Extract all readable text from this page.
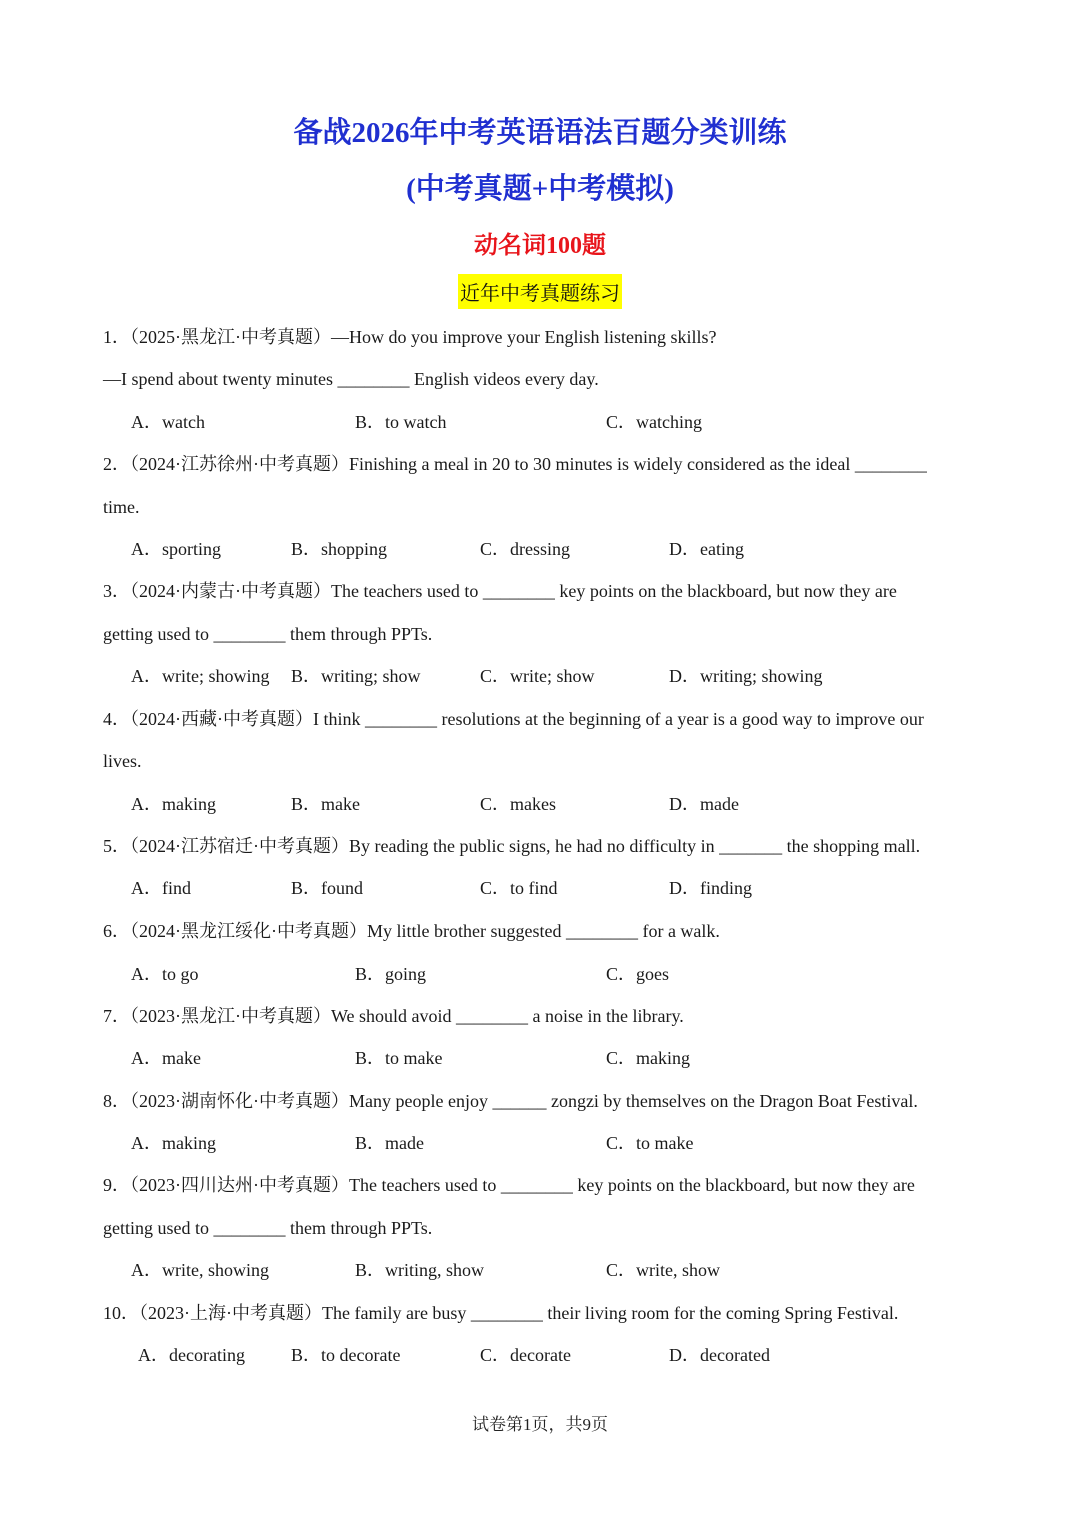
备战2026年中考英语语法百题分类训练
(中考真题+中考模拟)
动名词100题
近年中考真题练习
1．（2025·黑龙江·中考真题）—How do you improve your English listening skills?
—I spend about twenty minutes ________ English videos every day.
A．watch	B．to watch	C．watching
2．（2024·江苏徐州·中考真题）Finishing a meal in 20 to 30 minutes is widely considered as the ideal ________
time.
A．sporting	B．shopping	C．dressing	D．eating
3．（2024·内蒙古·中考真题）The teachers used to ________ key points on the blackboard, but now they are
getting used to ________ them through PPTs.
A．write; showing B．writing; show	C．write; show	D．writing; showing
4．（2024·西藏·中考真题）I think ________ resolutions at the beginning of a year is a good way to improve our
lives.
A．making	B．make	C．makes	D．made
5．（2024·江苏宿迁·中考真题）By reading the public signs, he had no difficulty in _______ the shopping mall.
A．find	B．found	C．to find	D．finding
6．（2024·黑龙江绥化·中考真题）My little brother suggested ________ for a walk.
A．to go	B．going	C．goes
7．（2023·黑龙江·中考真题）We should avoid ________ a noise in the library.
A．make	B．to make	C．making
8．（2023·湖南怀化·中考真题）Many people enjoy ______ zongzi by themselves on the Dragon Boat Festival.
A．making	B．made	C．to make
9．（2023·四川达州·中考真题）The teachers used to ________ key points on the blackboard, but now they are
getting used to ________ them through PPTs.
A．write, showing	B．writing, show	C．write, show
10．（2023·上海·中考真题）The family are busy ________ their living room for the coming Spring Festival.
A．decorating	B．to decorate	C．decorate	D．decorated
试卷第1页，共9页
